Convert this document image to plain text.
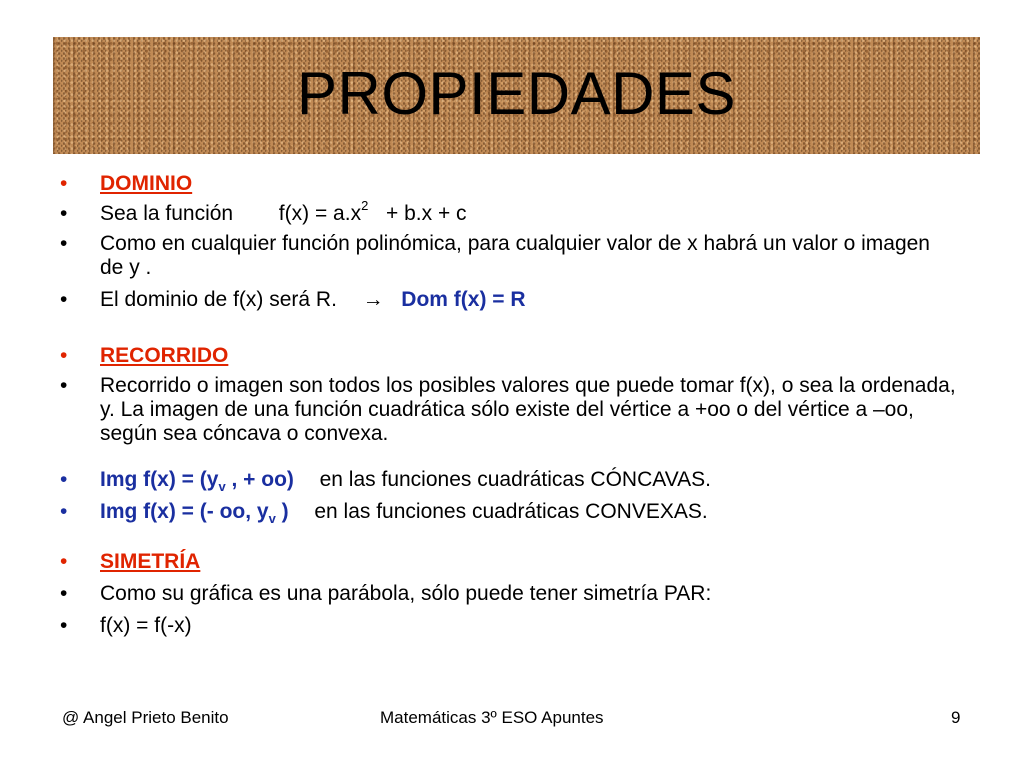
PROPIEDADES
• DOMINIO
• Sea la función $f(x) = a.x^2 + b.x + c$
• Como en cualquier función polinómica, para cualquier valor de x habrá un valor o imagen de y .
• El dominio de f(x) será R. → Dom f(x) = R
• RECORRIDO
• Recorrido o imagen son todos los posibles valores que puede tomar f(x), o sea la ordenada, y. La imagen de una función cuadrática sólo existe del vértice a +oo o del vértice a –oo, según sea cóncava o convexa.
• Img $f(x) = (y_v$ , + oo) en las funciones cuadráticas CÓNCAVAS.
• Img f(x) = (- oo, $y_v$ ) en las funciones cuadráticas CONVEXAS.
• SIMETRÍA
• Como su gráfica es una parábola, sólo puede tener simetría PAR:
• f(x) = f(-x)
@ Angel Prieto Benito	Matemáticas 3º ESO Apuntes	9
